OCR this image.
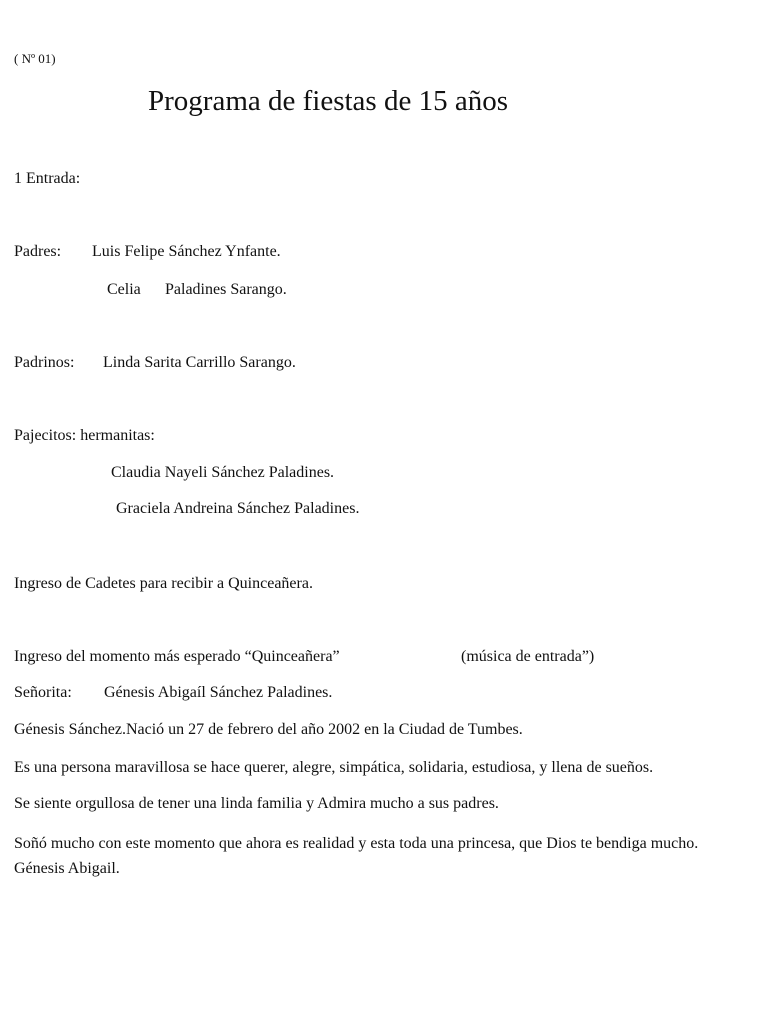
( Nº 01)
Programa de fiestas de 15 años
1 Entrada:
Padres: Luis Felipe Sánchez Ynfante.
Celia Paladines Sarango.
Padrinos: Linda Sarita Carrillo Sarango.
Pajecitos: hermanitas:
Claudia Nayeli Sánchez Paladines.
Graciela Andreina Sánchez Paladines.
Ingreso de Cadetes para recibir a Quinceañera.
Ingreso del momento más esperado “Quinceañera”	(música de entrada”)
Señorita: Génesis Abigaíl Sánchez Paladines.
Génesis Sánchez.Nació un 27 de febrero del año 2002 en la Ciudad de Tumbes.
Es una persona maravillosa se hace querer, alegre, simpática, solidaria, estudiosa, y llena de sueños.
Se siente orgullosa de tener una linda familia y Admira mucho a sus padres.
Soñó mucho con este momento que ahora es realidad y esta toda una princesa, que Dios te bendiga mucho. Génesis Abigail.
